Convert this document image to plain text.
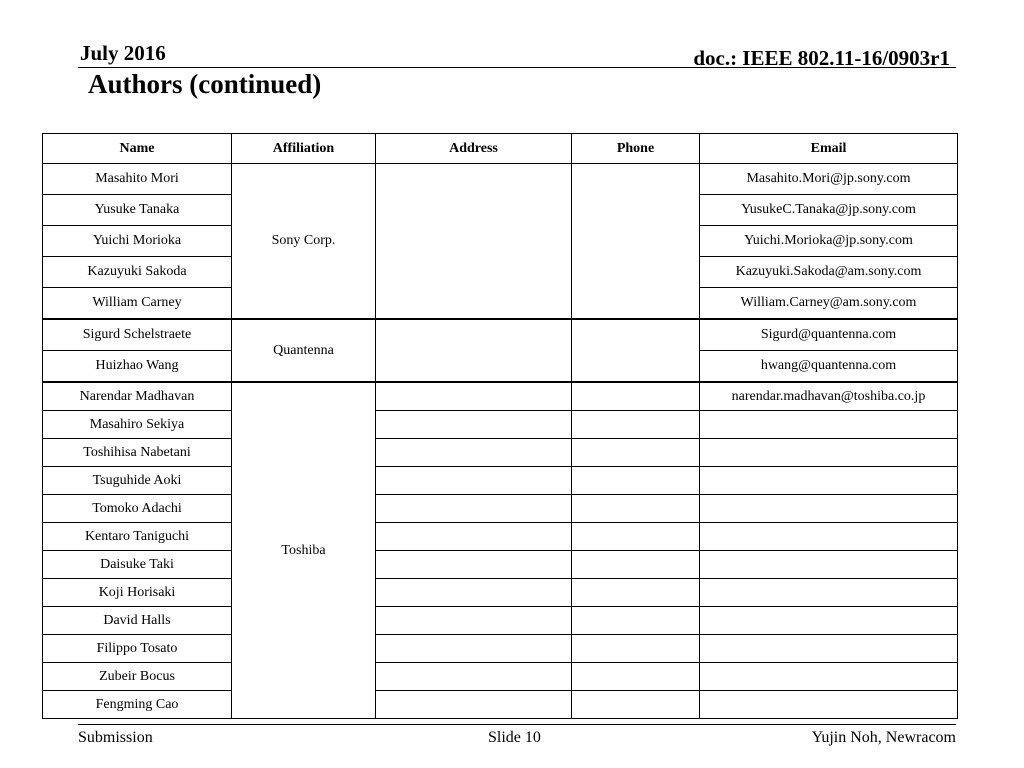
July 2016	doc.: IEEE 802.11-16/0903r1
Authors (continued)
Name	Affiliation	Address	Phone	Email
Masahito Mori	Sony Corp.			Masahito.Mori@jp.sony.com
Yusuke Tanaka				YusukeC.Tanaka@jp.sony.com
Yuichi Morioka				Yuichi.Morioka@jp.sony.com
Kazuyuki Sakoda				Kazuyuki.Sakoda@am.sony.com
William Carney				William.Carney@am.sony.com
Sigurd Schelstraete	Quantenna			Sigurd@quantenna.com
Huizhao Wang				hwang@quantenna.com
Narendar Madhavan	Toshiba			narendar.madhavan@toshiba.co.jp
Masahiro Sekiya				
Toshihisa Nabetani				
Tsuguhide Aoki				
Tomoko Adachi				
Kentaro Taniguchi				
Daisuke Taki				
Koji Horisaki				
David Halls				
Filippo Tosato				
Zubeir Bocus				
Fengming Cao				
Submission	Slide 10	Yujin Noh, Newracom
